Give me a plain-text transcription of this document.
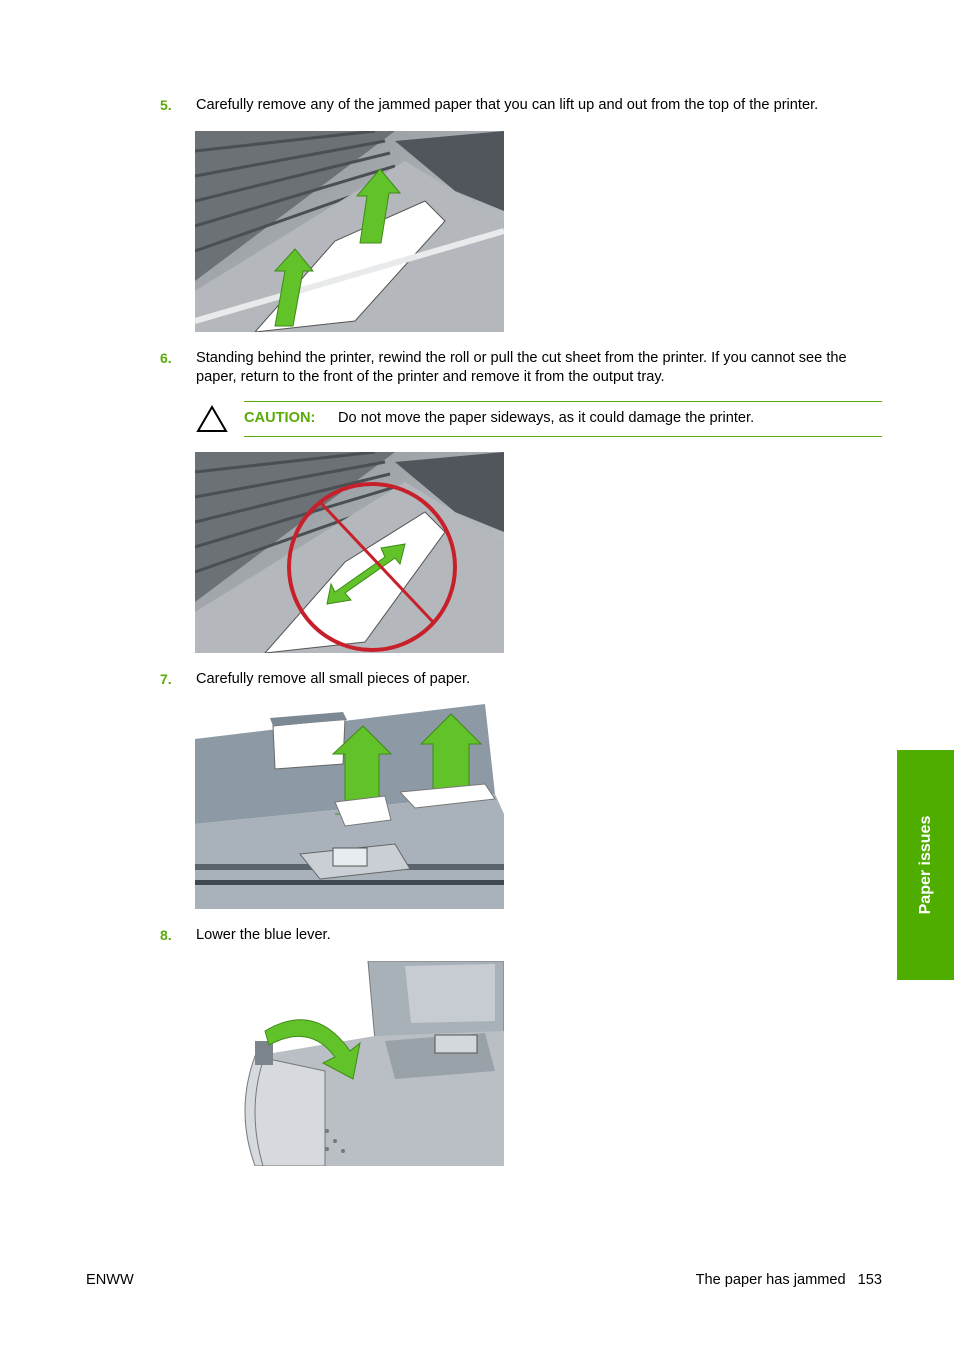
5. Carefully remove any of the jammed paper that you can lift up and out from the top of the printer.
6. Standing behind the printer, rewind the roll or pull the cut sheet from the printer. If you cannot see the paper, return to the front of the printer and remove it from the output tray.
CAUTION: Do not move the paper sideways, as it could damage the printer.
7. Carefully remove all small pieces of paper.
8. Lower the blue lever.
Paper issues
ENWW	The paper has jammed 153
